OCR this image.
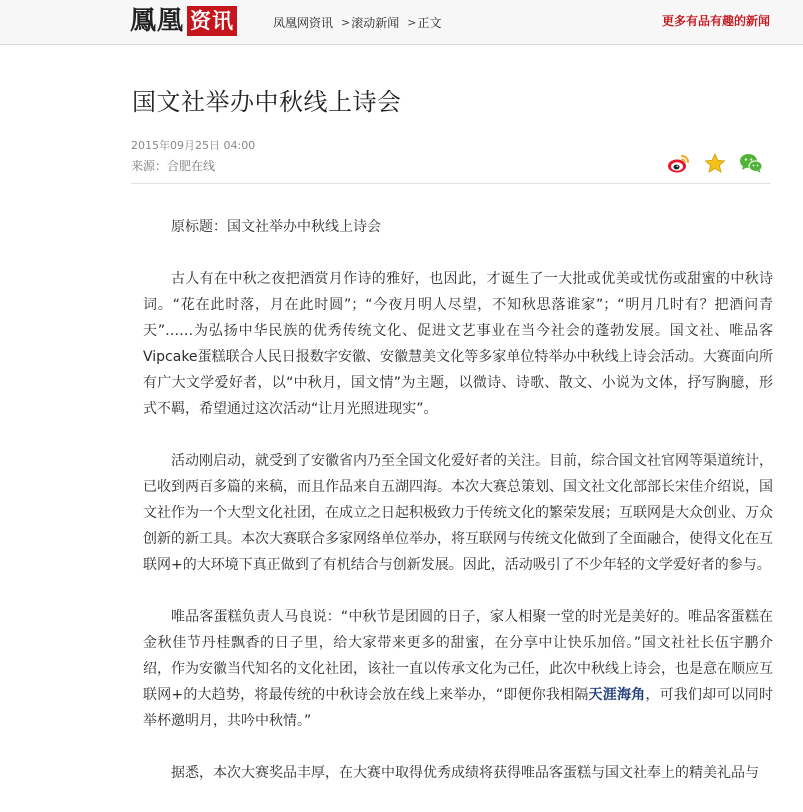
鳳凰 资讯	凤凰网资讯 > 滚动新闻 > 正文	更多有品有趣的新闻
国文社举办中秋线上诗会
2015年09月25日 04:00
来源：合肥在线

原标题：国文社举办中秋线上诗会

古人有在中秋之夜把酒赏月作诗的雅好，也因此，才诞生了一大批或优美或忧伤或甜蜜的中秋诗词。“花在此时落，月在此时圆”；“今夜月明人尽望，不知秋思落谁家”；“明月几时有？把酒问青天”……为弘扬中华民族的优秀传统文化、促进文艺事业在当今社会的蓬勃发展。国文社、唯品客Vipcake蛋糕联合人民日报数字安徽、安徽慧美文化等多家单位特举办中秋线上诗会活动。大赛面向所有广大文学爱好者，以“中秋月，国文情”为主题，以微诗、诗歌、散文、小说为文体，抒写胸臆，形式不羁，希望通过这次活动“让月光照进现实”。

活动刚启动，就受到了安徽省内乃至全国文化爱好者的关注。目前，综合国文社官网等渠道统计，已收到两百多篇的来稿，而且作品来自五湖四海。本次大赛总策划、国文社文化部部长宋佳介绍说，国文社作为一个大型文化社团，在成立之日起积极致力于传统文化的繁荣发展；互联网是大众创业、万众创新的新工具。本次大赛联合多家网络单位举办，将互联网与传统文化做到了全面融合，使得文化在互联网+的大环境下真正做到了有机结合与创新发展。因此，活动吸引了不少年轻的文学爱好者的参与。

唯品客蛋糕负责人马良说：“中秋节是团圆的日子，家人相聚一堂的时光是美好的。唯品客蛋糕在金秋佳节丹桂飘香的日子里，给大家带来更多的甜蜜，在分享中让快乐加倍。”国文社社长伍宇鹏介绍，作为安徽当代知名的文化社团，该社一直以传承文化为己任，此次中秋线上诗会，也是意在顺应互联网+的大趋势，将最传统的中秋诗会放在线上来举办，“即便你我相隔天涯海角，可我们却可以同时举杯邀明月，共吟中秋情。”

据悉，本次大赛奖品丰厚，在大赛中取得优秀成绩将获得唯品客蛋糕与国文社奉上的精美礼品与
